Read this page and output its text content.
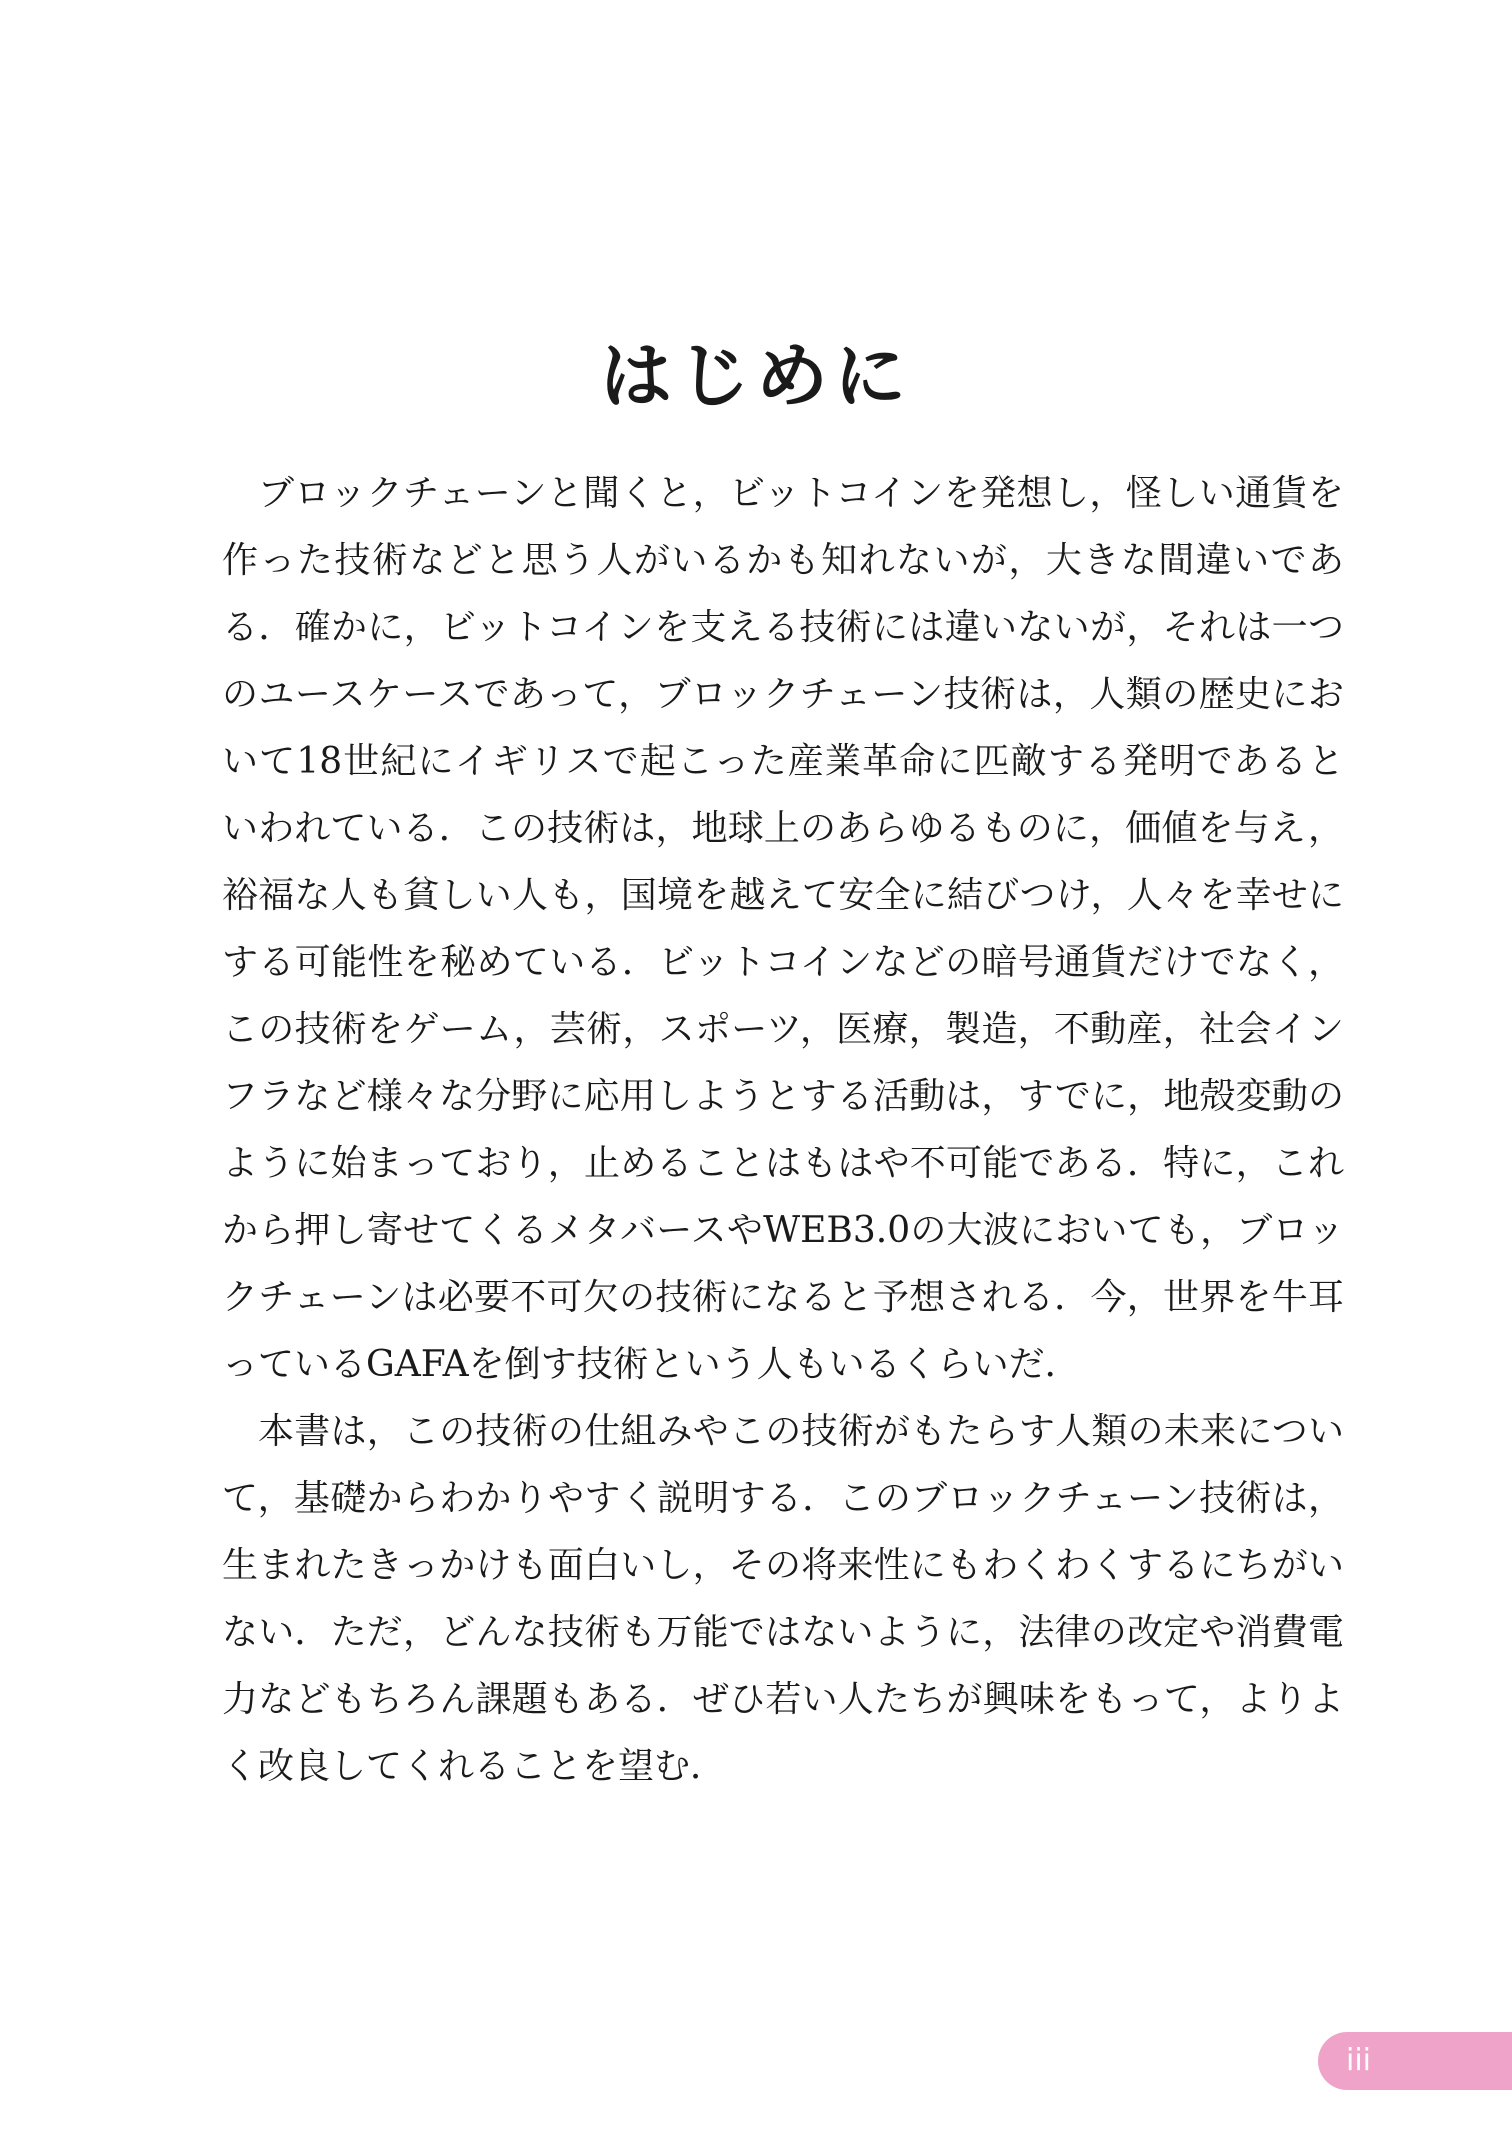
はじめに

ブロックチェーンと聞くと，ビットコインを発想し，怪しい通貨を作った技術などと思う人がいるかも知れないが，大きな間違いである．確かに，ビットコインを支える技術には違いないが，それは一つのユースケースであって，ブロックチェーン技術は，人類の歴史において18世紀にイギリスで起こった産業革命に匹敵する発明であるといわれている．この技術は，地球上のあらゆるものに，価値を与え，裕福な人も貧しい人も，国境を越えて安全に結びつけ，人々を幸せにする可能性を秘めている．ビットコインなどの暗号通貨だけでなく，この技術をゲーム，芸術，スポーツ，医療，製造，不動産，社会インフラなど様々な分野に応用しようとする活動は，すでに，地殻変動のように始まっており，止めることはもはや不可能である．特に，これから押し寄せてくるメタバースやWEB3.0の大波においても，ブロックチェーンは必要不可欠の技術になると予想される．今，世界を牛耳っているGAFAを倒す技術という人もいるくらいだ．

本書は，この技術の仕組みやこの技術がもたらす人類の未来について，基礎からわかりやすく説明する．このブロックチェーン技術は，生まれたきっかけも面白いし，その将来性にもわくわくするにちがいない．ただ，どんな技術も万能ではないように，法律の改定や消費電力などもちろん課題もある．ぜひ若い人たちが興味をもって，よりよく改良してくれることを望む．

iii
